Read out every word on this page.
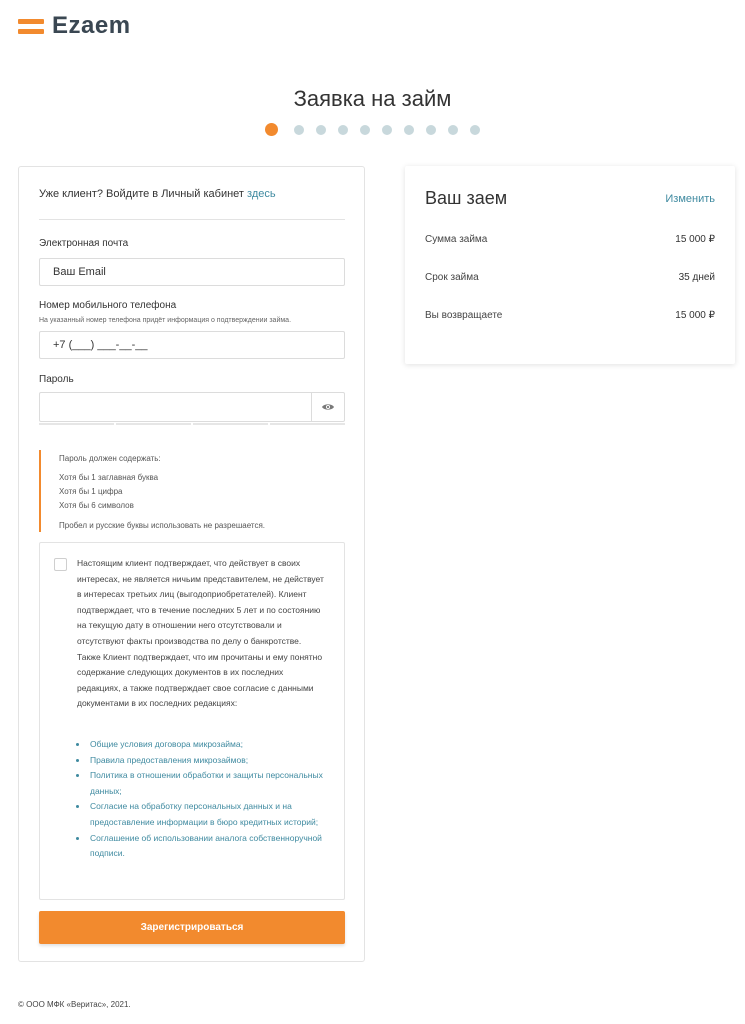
Ezaem
Заявка на займ
Уже клиент? Войдите в Личный кабинет здесь
Электронная почта
Ваш Email
Номер мобильного телефона
На указанный номер телефона придёт информация о подтверждении займа.
+7 (___) ___-__-__
Пароль
Пароль должен содержать:
Хотя бы 1 заглавная буква
Хотя бы 1 цифра
Хотя бы 6 символов
Пробел и русские буквы использовать не разрешается.
Настоящим клиент подтверждает, что действует в своих интересах, не является ничьим представителем, не действует в интересах третьих лиц (выгодоприобретателей). Клиент подтверждает, что в течение последних 5 лет и по состоянию на текущую дату в отношении него отсутствовали и отсутствуют факты производства по делу о банкротстве. Также Клиент подтверждает, что им прочитаны и ему понятно содержание следующих документов в их последних редакциях, а также подтверждает свое согласие с данными документами в их последних редакциях:
Общие условия договора микрозайма;
Правила предоставления микрозаймов;
Политика в отношении обработки и защиты персональных данных;
Согласие на обработку персональных данных и на предоставление информации в бюро кредитных историй;
Соглашение об использовании аналога собственноручной подписи.
Зарегистрироваться
Ваш заем	Изменить
Сумма займа	15 000 ₽
Срок займа	35 дней
Вы возвращаете	15 000 ₽
© ООО МФК «Веритас», 2021.
